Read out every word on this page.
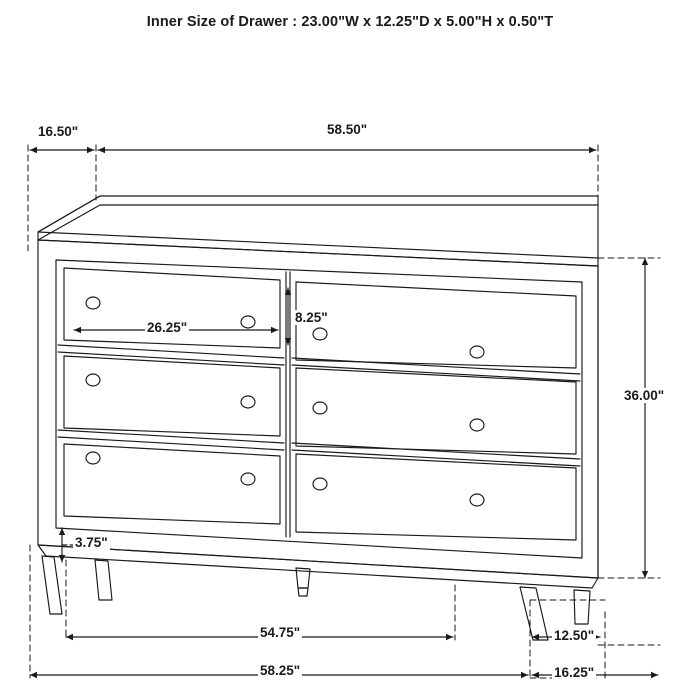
Inner Size of Drawer : 23.00"W x 12.25"D x 5.00"H x 0.50"T
16.50"	58.50"
26.25"
8.25"
36.00"
3.75"
54.75"
58.25"
12.50"
16.25"
